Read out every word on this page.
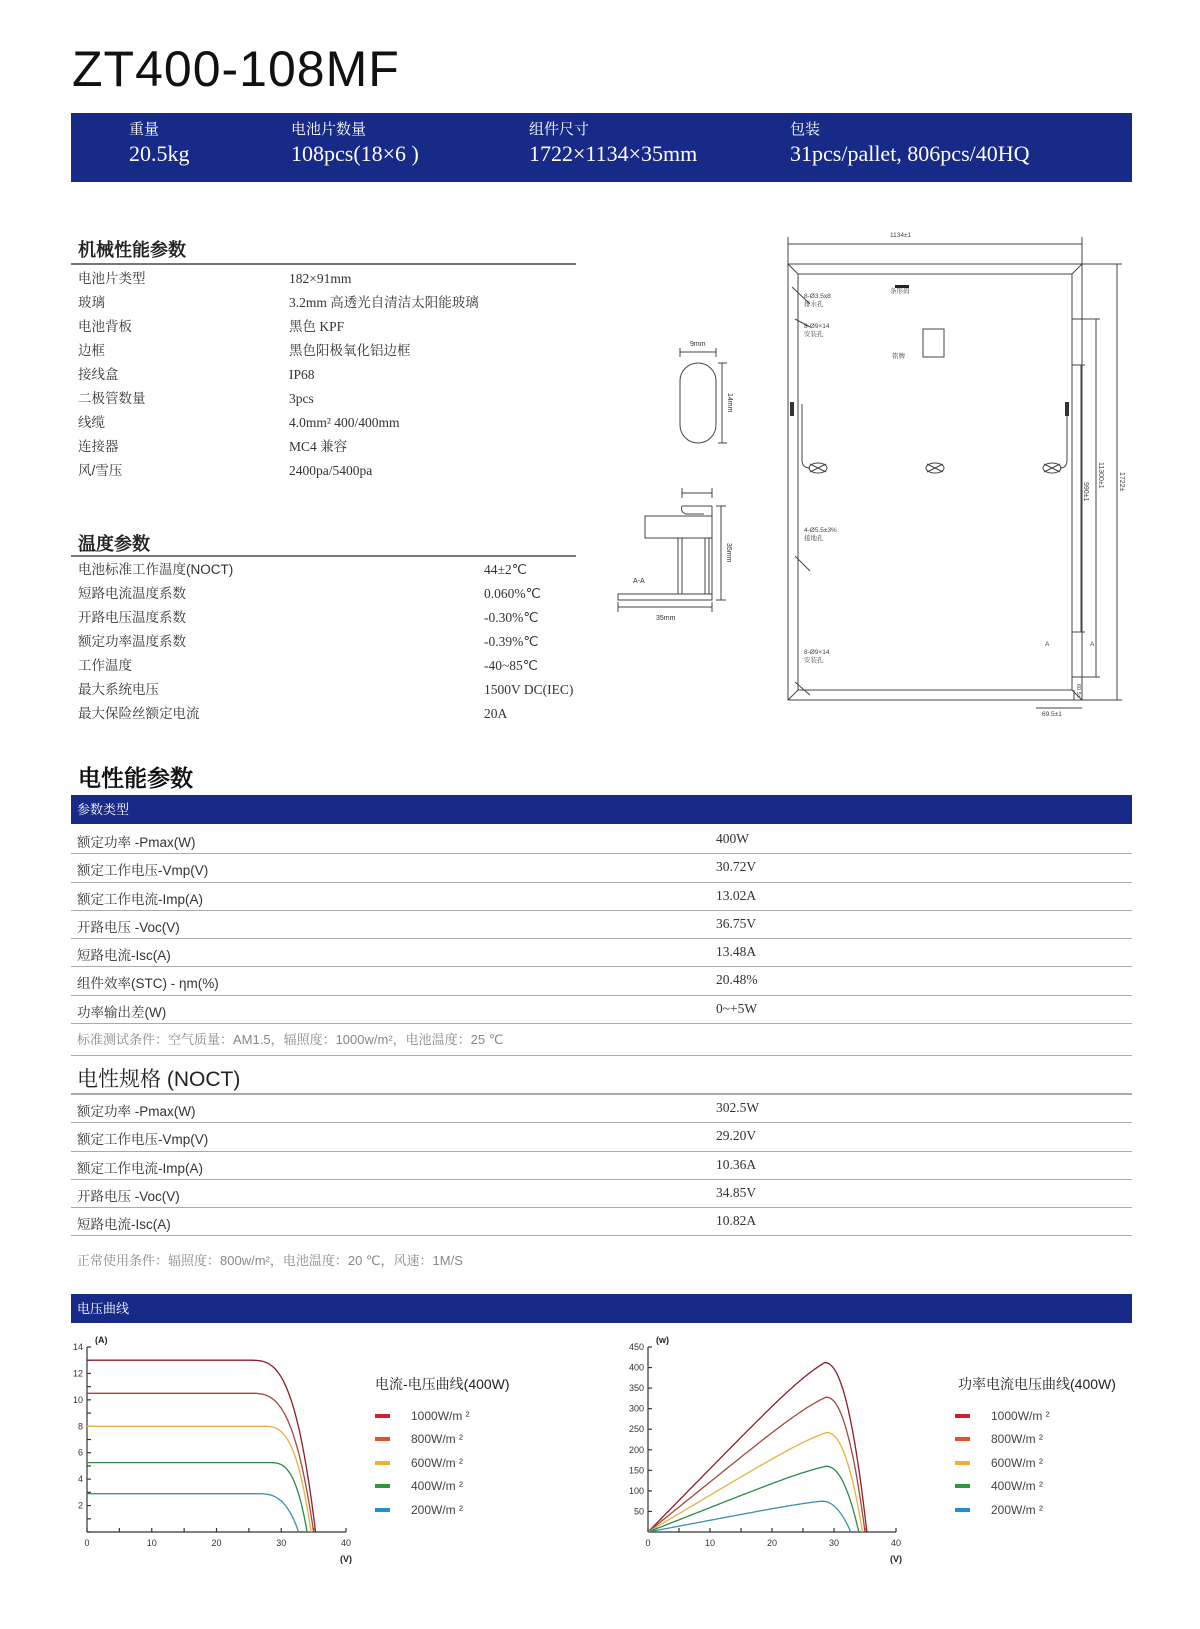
ZT400-108MF
重量
20.5kg
电池片数量
108pcs(18×6 )
组件尺寸
1722×1134×35mm
包装
31pcs/pallet, 806pcs/40HQ
机械性能参数
电池片类型	182×91mm
玻璃	3.2mm 高透光自清洁太阳能玻璃
电池背板	黑色 KPF
边框	黑色阳极氧化铝边框
接线盒	IP68
二极管数量	3pcs
线缆	4.0mm² 400/400mm
连接器	MC4 兼容
风/雪压	2400pa/5400pa
温度参数
电池标准工作温度(NOCT)	44±2℃
短路电流温度系数	0.060%℃
开路电压温度系数	-0.30%℃
额定功率温度系数	-0.39%℃
工作温度	-40~85℃
最大系统电压	1500V DC(IEC)
最大保险丝额定电流	20A
9mm
14mm
35mm
35mm
A-A
1134±1
条形码
铭牌
8-Ø3.5x8
排水孔
8-Ø9×14
安装孔
4-Ø5.5±3%
接地孔
8-Ø9×14
安装孔
A	A
69.5±1
1722±
11300±1
990±1
60.5±
电性能参数
参数类型
额定功率 -Pmax(W)	400W
额定工作电压-Vmp(V)	30.72V
额定工作电流-Imp(A)	13.02A
开路电压 -Voc(V)	36.75V
短路电流-Isc(A)	13.48A
组件效率(STC) - ηm(%)	20.48%
功率输出差(W)	0~+5W
标准测试条件：空气质量：AM1.5，辐照度：1000w/m²，电池温度：25 ℃
电性规格 (NOCT)
额定功率 -Pmax(W)	302.5W
额定工作电压-Vmp(V)	29.20V
额定工作电流-Imp(A)	10.36A
开路电压 -Voc(V)	34.85V
短路电流-Isc(A)	10.82A
正常使用条件：辐照度：800w/m²，电池温度：20 ℃，风速：1M/S
电压曲线
0	10	20	30	40
2
4
6
8
10
12
14
(A)
(V)
电流-电压曲线(400W)
1000W/m ²
800W/m ²
600W/m ²
400W/m ²
200W/m ²
0	10	20	30	40
50
100
150
200
250
300
350
400
450
(w)
(V)
功率电流电压曲线(400W)
1000W/m ²
800W/m ²
600W/m ²
400W/m ²
200W/m ²
